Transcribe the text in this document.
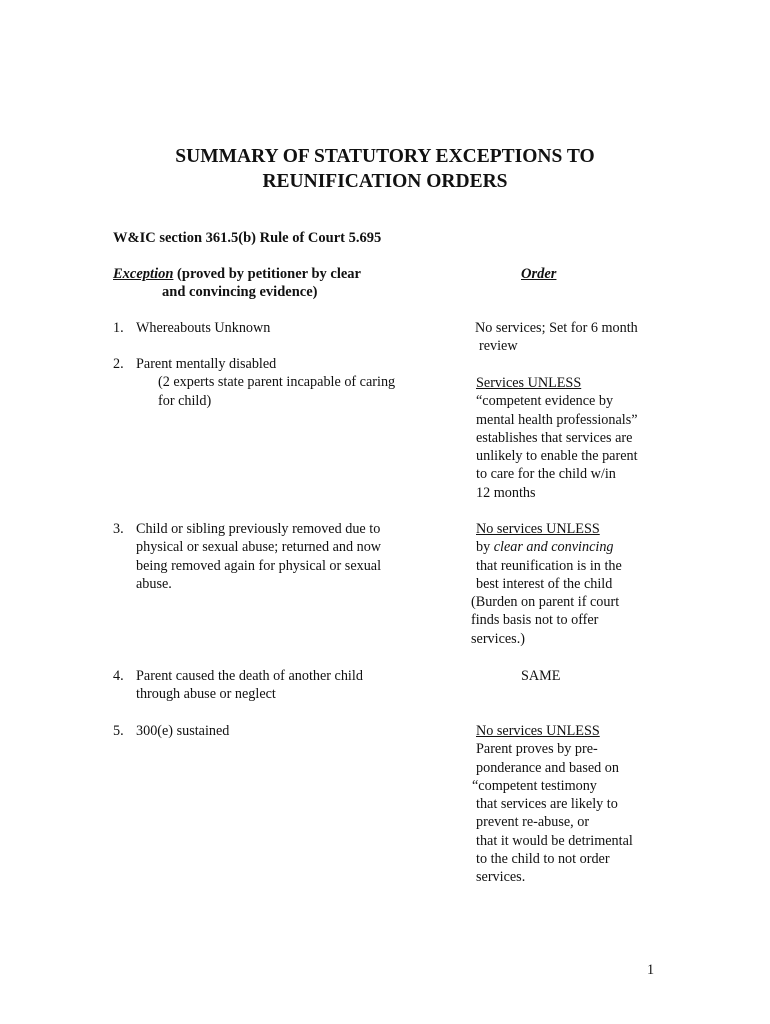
SUMMARY OF STATUTORY EXCEPTIONS TO
REUNIFICATION ORDERS
W&IC section 361.5(b) Rule of Court 5.695
Exception (proved by petitioner by clear
and convincing evidence)
Order
1. Whereabouts Unknown	No services; Set for 6 month
review
2. Parent mentally disabled
(2 experts state parent incapable of caring
for child)
Services UNLESS
“competent evidence by
mental health professionals”
establishes that services are
unlikely to enable the parent
to care for the child w/in
12 months
3. Child or sibling previously removed due to
physical or sexual abuse; returned and now
being removed again for physical or sexual
abuse.
No services UNLESS
by clear and convincing
that reunification is in the
best interest of the child
(Burden on parent if court
finds basis not to offer
services.)
4. Parent caused the death of another child
through abuse or neglect
SAME
5. 300(e) sustained	No services UNLESS
Parent proves by pre-
ponderance and based on
“competent testimony
that services are likely to
prevent re-abuse, or
that it would be detrimental
to the child to not order
services.
1
